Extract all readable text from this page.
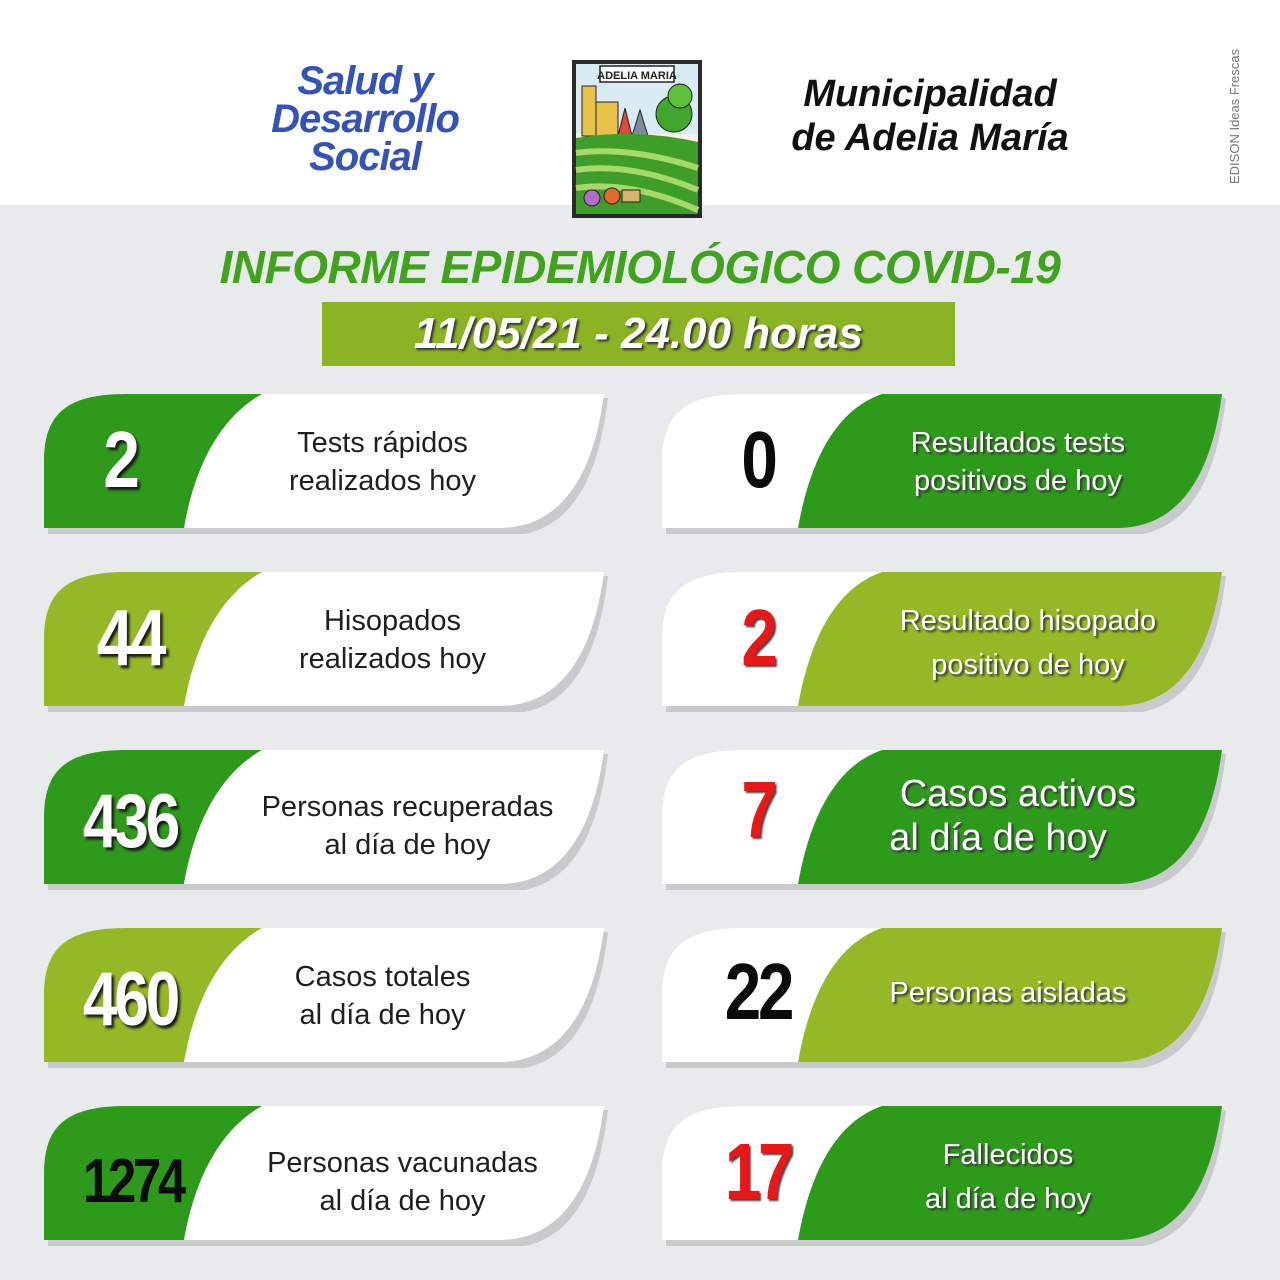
Salud y
Desarrollo
Social
ADELIA MARIA	Municipalidad
de Adelia María	EDISON Ideas Frescas
INFORME EPIDEMIOLÓGICO COVID-19
11/05/21 - 24.00 horas
2	Tests rápidos
realizados hoy
44	Hisopados
realizados hoy
436	Personas recuperadas
al día de hoy
460	Casos totales
al día de hoy
1274	Personas vacunadas
al día de hoy
0	Resultados tests
positivos de hoy
2	Resultado hisopado
positivo de hoy
7	Casos activos
al día de hoy
22	Personas aisladas
17	Fallecidos
al día de hoy
